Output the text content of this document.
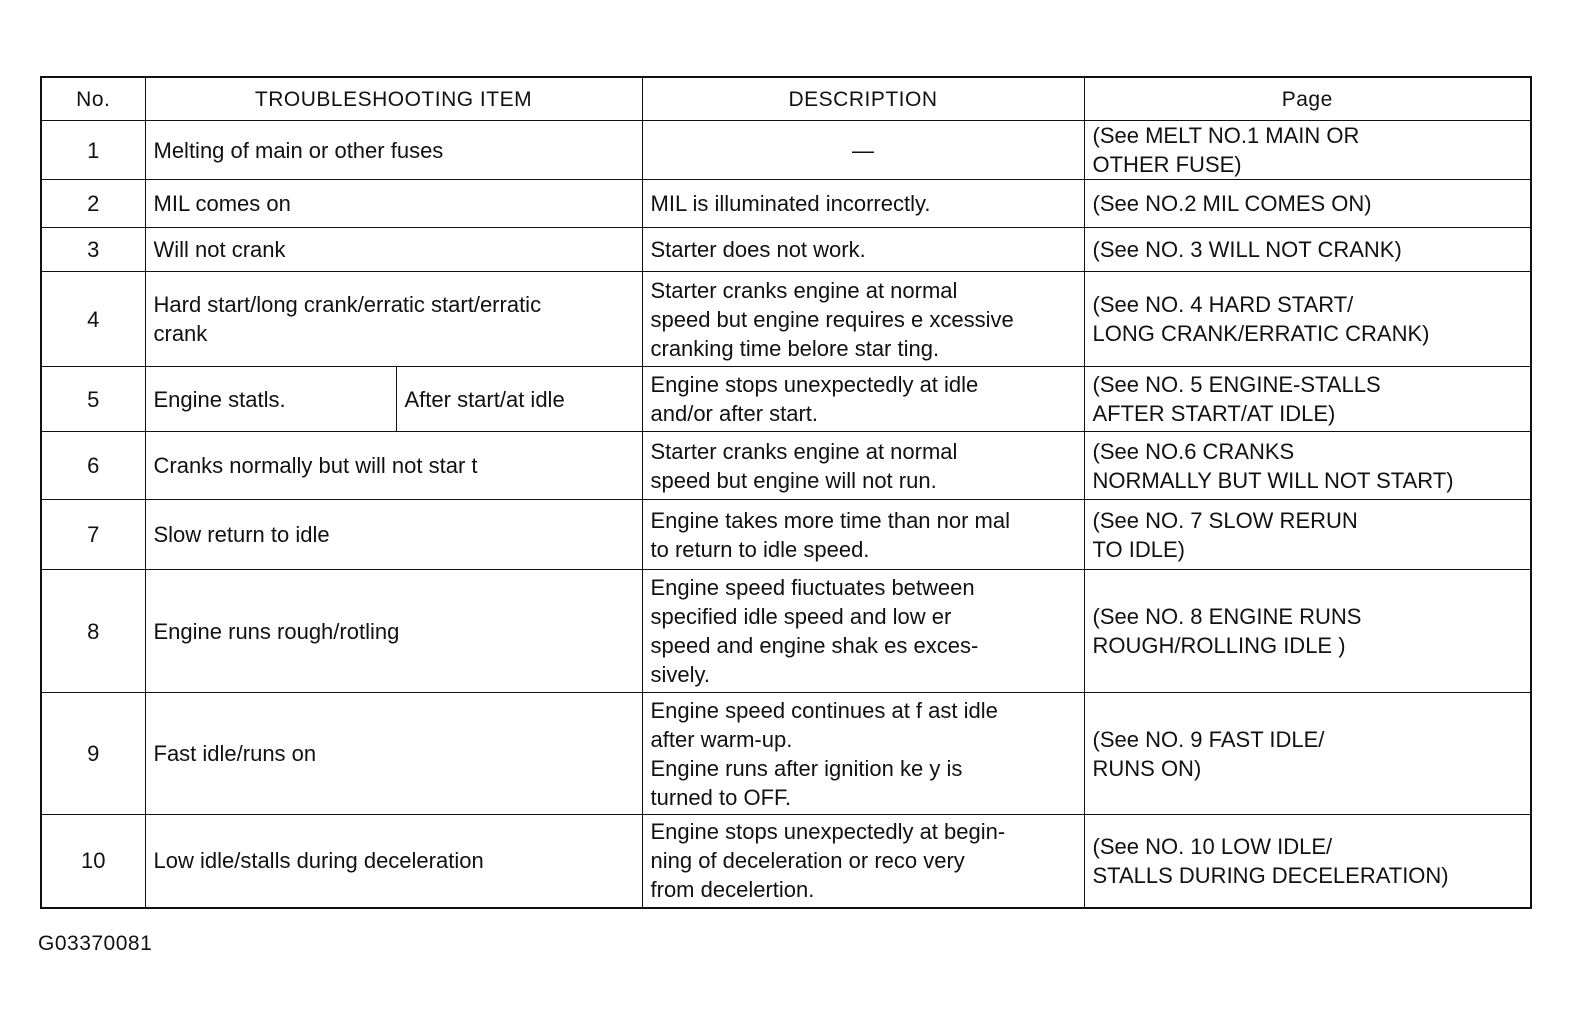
No.	TROUBLESHOOTING ITEM		DESCRIPTION	Page
1	Melting of main or other fuses		—	(See MELT NO.1 MAIN OR
OTHER FUSE)
2	MIL comes on		MIL is illuminated incorrectly.	(See NO.2 MIL COMES ON)
3	Will not crank		Starter does not work.	(See NO. 3 WILL NOT CRANK)
4	Hard start/long crank/erratic start/erratic
crank		Starter cranks engine at normal
speed but engine requires e xcessive
cranking time belore star ting.	(See NO. 4 HARD START/
LONG CRANK/ERRATIC CRANK)
5	Engine statls.	After start/at idle	Engine stops unexpectedly at idle
and/or after start.	(See NO. 5 ENGINE-STALLS
AFTER START/AT IDLE)
6	Cranks normally but will not star t		Starter cranks engine at normal
speed but engine will not run.	(See NO.6 CRANKS
NORMALLY BUT WILL NOT START)
7	Slow return to idle		Engine takes more time than nor mal
to return to idle speed.	(See NO. 7 SLOW RERUN
TO IDLE)
8	Engine runs rough/rotling		Engine speed fiuctuates between
specified idle speed and low er
speed and engine shak es exces-
sively.	(See NO. 8 ENGINE RUNS
ROUGH/ROLLING IDLE )
9	Fast idle/runs on		Engine speed continues at f ast idle
after warm-up.
Engine runs after ignition ke y is
turned to OFF.	(See NO. 9 FAST IDLE/
RUNS ON)
10	Low idle/stalls during deceleration		Engine stops unexpectedly at begin-
ning of deceleration or reco very
from decelertion.	(See NO. 10 LOW IDLE/
STALLS DURING DECELERATION)
G03370081
